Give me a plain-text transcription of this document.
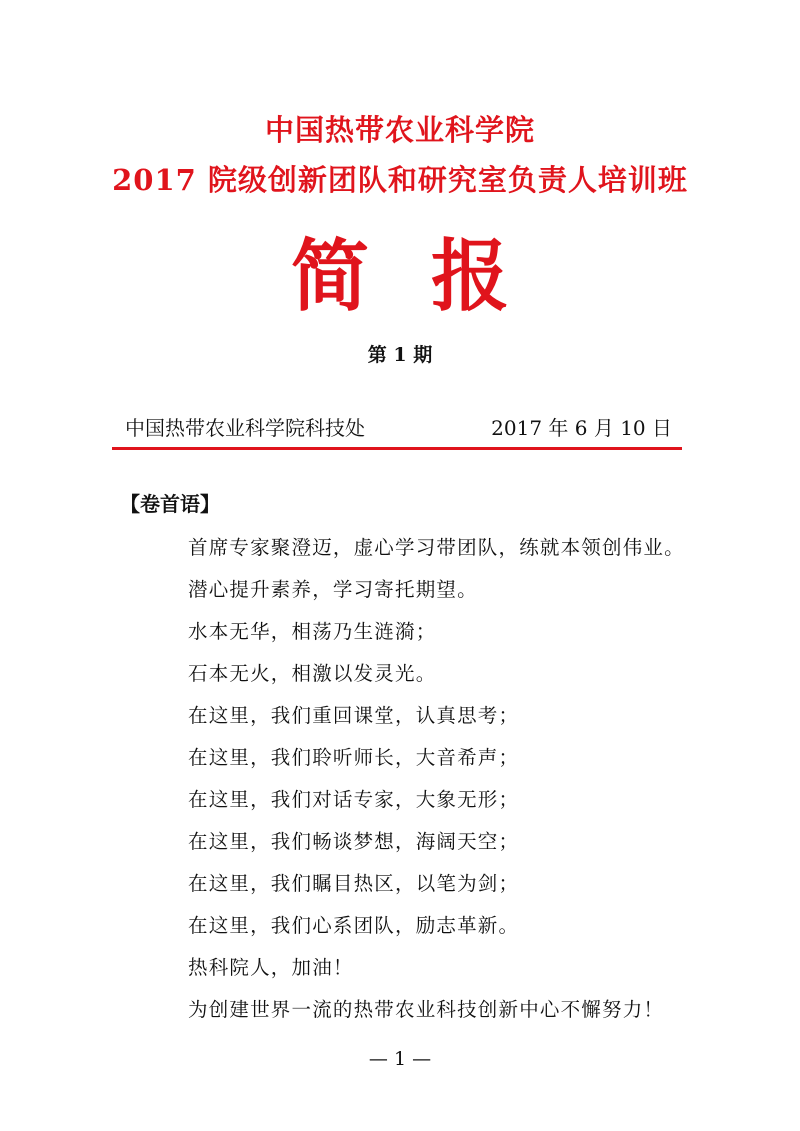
中国热带农业科学院
2017 院级创新团队和研究室负责人培训班
简报
第 1 期
中国热带农业科学院科技处	2017 年 6 月 10 日
【卷首语】
首席专家聚澄迈，虚心学习带团队，练就本领创伟业。
潜心提升素养，学习寄托期望。
水本无华，相荡乃生涟漪；
石本无火，相激以发灵光。
在这里，我们重回课堂，认真思考；
在这里，我们聆听师长，大音希声；
在这里，我们对话专家，大象无形；
在这里，我们畅谈梦想，海阔天空；
在这里，我们瞩目热区，以笔为剑；
在这里，我们心系团队，励志革新。
热科院人，加油！
为创建世界一流的热带农业科技创新中心不懈努力！
— 1 —
